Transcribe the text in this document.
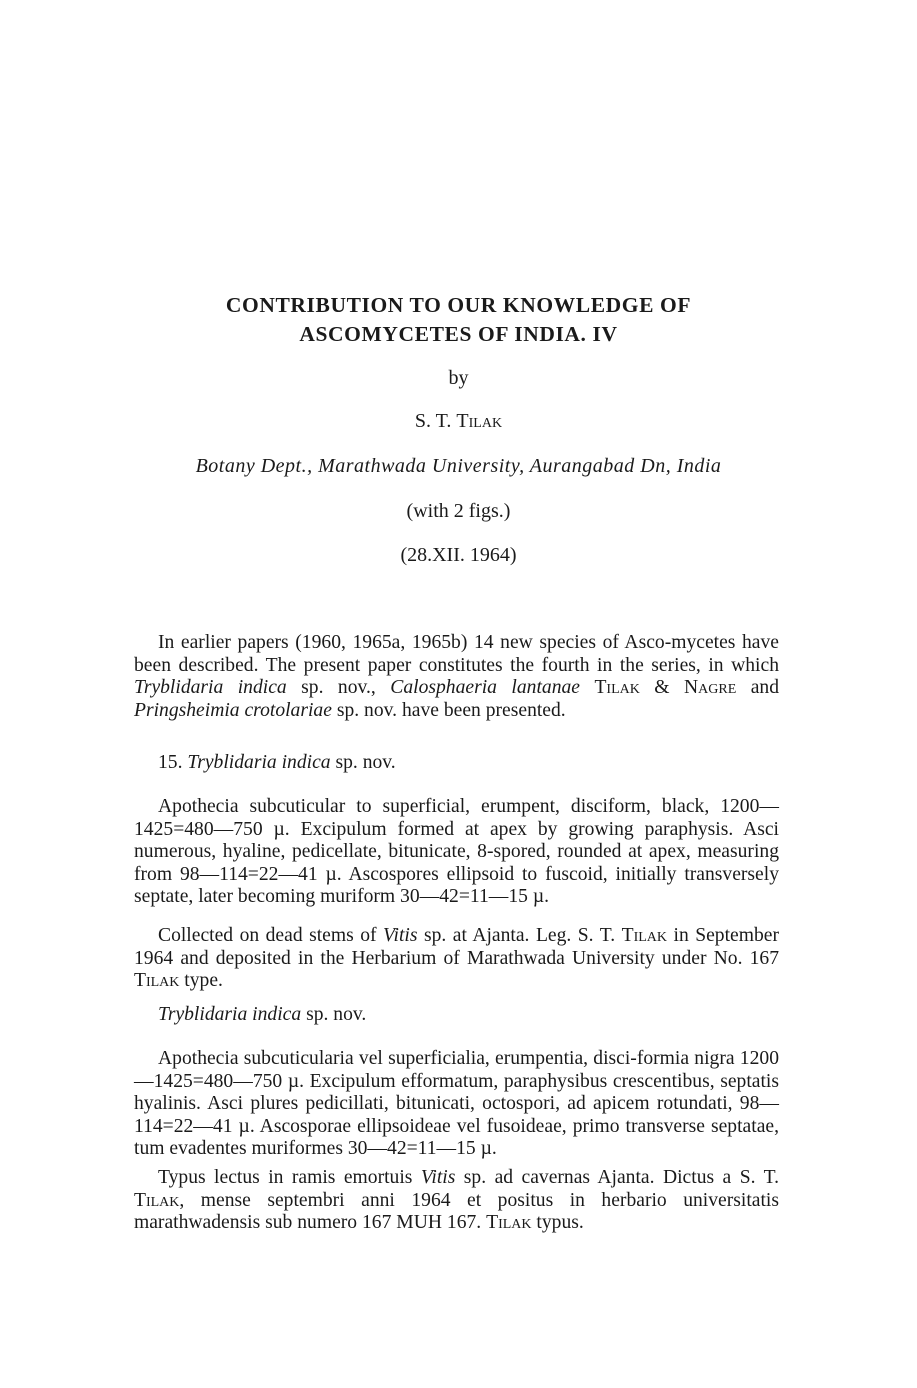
CONTRIBUTION TO OUR KNOWLEDGE OF
ASCOMYCETES OF INDIA. IV
by
S. T. Tilak
Botany Dept., Marathwada University, Aurangabad Dn, India
(with 2 figs.)
(28.XII. 1964)

In earlier papers (1960, 1965a, 1965b) 14 new species of Asco-mycetes have been described. The present paper constitutes the fourth in the series, in which Tryblidaria indica sp. nov., Calosphaeria lantanae Tilak & Nagre and Pringsheimia crotolariae sp. nov. have been presented.

15. Tryblidaria indica sp. nov.

Apothecia subcuticular to superficial, erumpent, disciform, black, 1200—1425=480—750 µ. Excipulum formed at apex by growing paraphysis. Asci numerous, hyaline, pedicellate, bitunicate, 8-spored, rounded at apex, measuring from 98—114=22—41 µ. Ascospores ellipsoid to fuscoid, initially transversely septate, later becoming muriform 30—42=11—15 µ.

Collected on dead stems of Vitis sp. at Ajanta. Leg. S. T. Tilak in September 1964 and deposited in the Herbarium of Marathwada University under No. 167 Tilak type.

Tryblidaria indica sp. nov.

Apothecia subcuticularia vel superficialia, erumpentia, disci-formia nigra 1200—1425=480—750 µ. Excipulum efformatum, paraphysibus crescentibus, septatis hyalinis. Asci plures pedicillati, bitunicati, octospori, ad apicem rotundati, 98—114=22—41 µ. Ascosporae ellipsoideae vel fusoideae, primo transverse septatae, tum evadentes muriformes 30—42=11—15 µ.

Typus lectus in ramis emortuis Vitis sp. ad cavernas Ajanta. Dictus a S. T. Tilak, mense septembri anni 1964 et positus in herbario universitatis marathwadensis sub numero 167 MUH 167. Tilak typus.
